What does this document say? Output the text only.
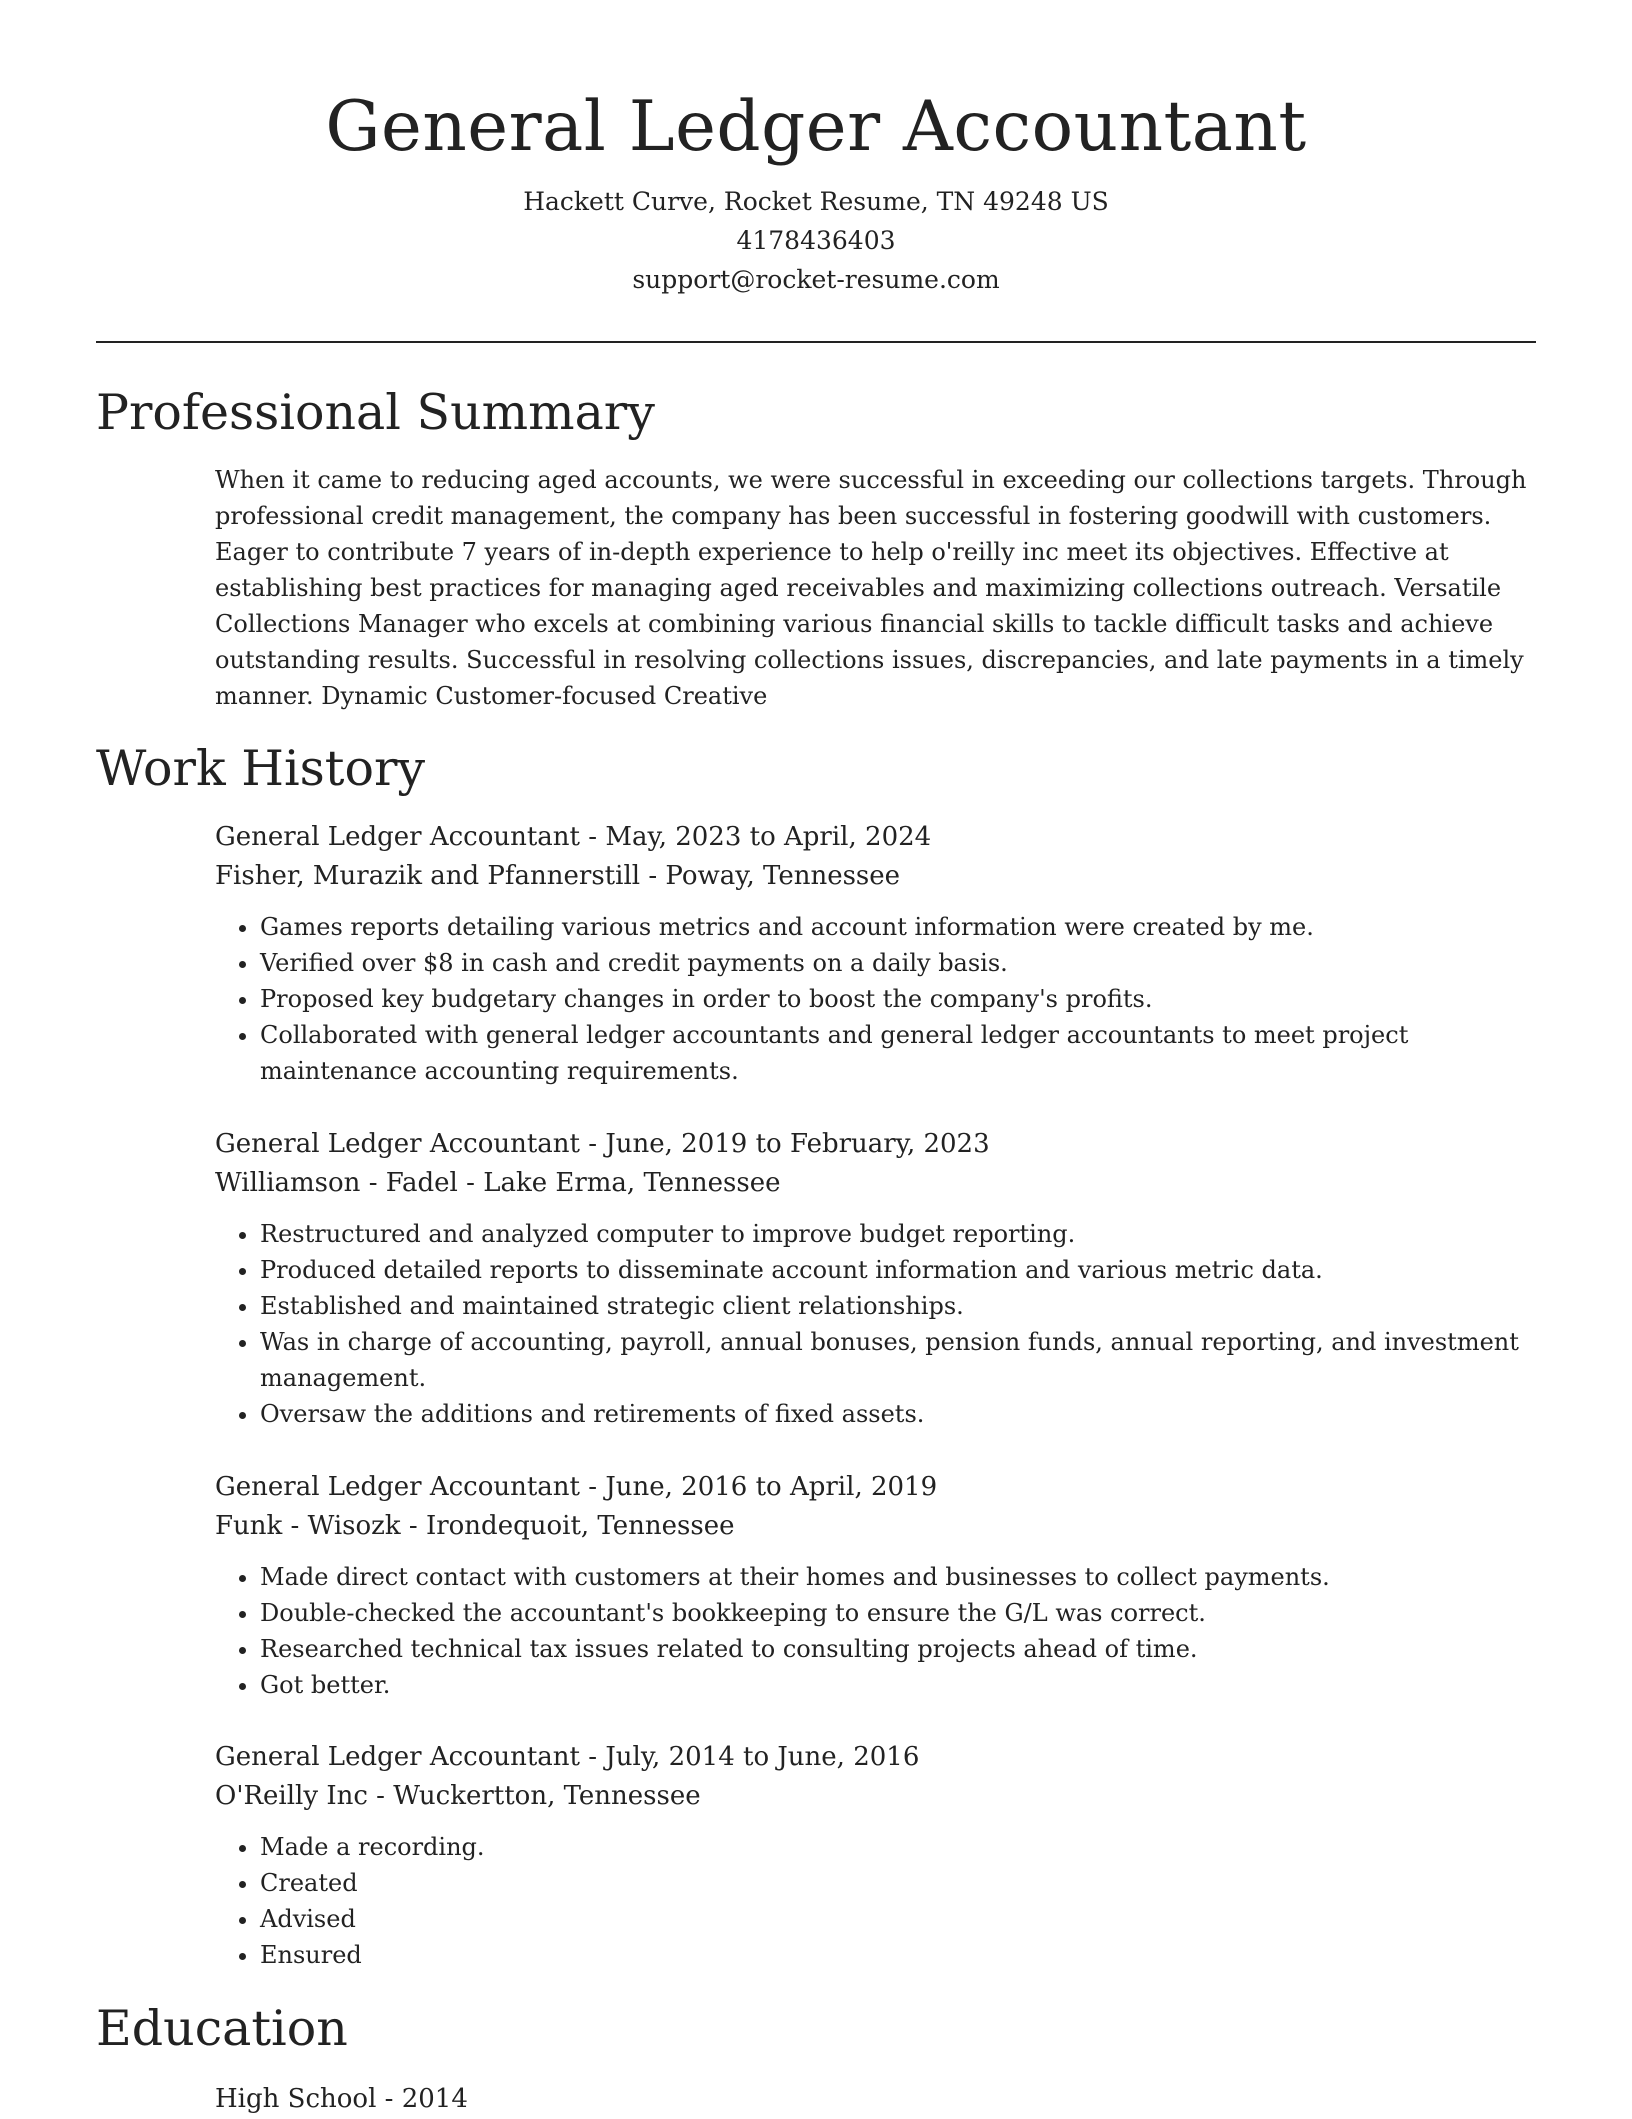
General Ledger Accountant
Hackett Curve, Rocket Resume, TN 49248 US
4178436403
support@rocket-resume.com
Professional Summary
When it came to reducing aged accounts, we were successful in exceeding our collections targets. Through professional credit management, the company has been successful in fostering goodwill with customers. Eager to contribute 7 years of in-depth experience to help o'reilly inc meet its objectives. Effective at establishing best practices for managing aged receivables and maximizing collections outreach. Versatile Collections Manager who excels at combining various financial skills to tackle difficult tasks and achieve outstanding results. Successful in resolving collections issues, discrepancies, and late payments in a timely manner. Dynamic Customer-focused Creative
Work History
General Ledger Accountant - May, 2023 to April, 2024
Fisher, Murazik and Pfannerstill - Poway, Tennessee
• Games reports detailing various metrics and account information were created by me.
• Verified over $8 in cash and credit payments on a daily basis.
• Proposed key budgetary changes in order to boost the company's profits.
• Collaborated with general ledger accountants and general ledger accountants to meet project maintenance accounting requirements.
General Ledger Accountant - June, 2019 to February, 2023
Williamson - Fadel - Lake Erma, Tennessee
• Restructured and analyzed computer to improve budget reporting.
• Produced detailed reports to disseminate account information and various metric data.
• Established and maintained strategic client relationships.
• Was in charge of accounting, payroll, annual bonuses, pension funds, annual reporting, and investment management.
• Oversaw the additions and retirements of fixed assets.
General Ledger Accountant - June, 2016 to April, 2019
Funk - Wisozk - Irondequoit, Tennessee
• Made direct contact with customers at their homes and businesses to collect payments.
• Double-checked the accountant's bookkeeping to ensure the G/L was correct.
• Researched technical tax issues related to consulting projects ahead of time.
• Got better.
General Ledger Accountant - July, 2014 to June, 2016
O'Reilly Inc - Wuckertton, Tennessee
• Made a recording.
• Created
• Advised
• Ensured
Education
High School - 2014
